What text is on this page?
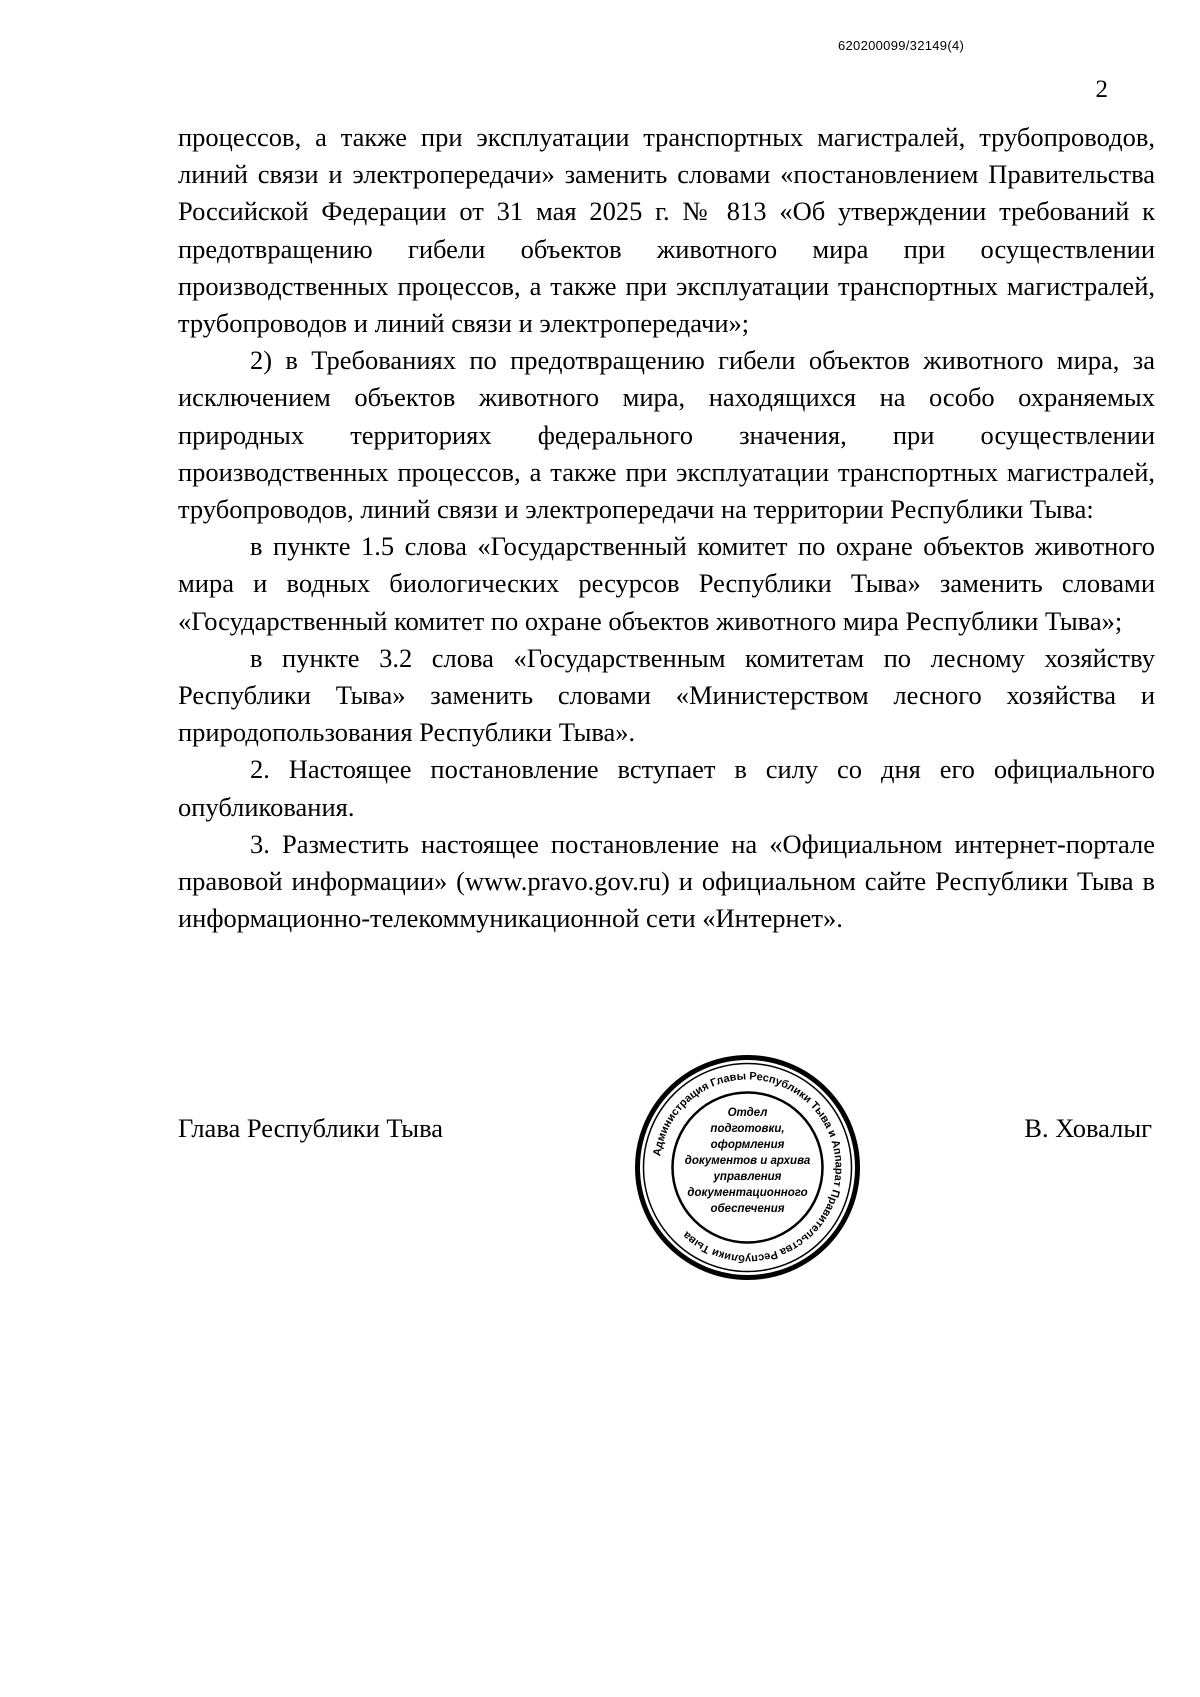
620200099/32149(4)
2

процессов, а также при эксплуатации транспортных магистралей, трубопроводов, линий связи и электропередачи» заменить словами «постановлением Правительства Российской Федерации от 31 мая 2025 г. № 813 «Об утверждении требований к предотвращению гибели объектов животного мира при осуществлении производственных процессов, а также при эксплуатации транспортных магистралей, трубопроводов и линий связи и электропередачи»;

2) в Требованиях по предотвращению гибели объектов животного мира, за исключением объектов животного мира, находящихся на особо охраняемых природных территориях федерального значения, при осуществлении производственных процессов, а также при эксплуатации транспортных магистралей, трубопроводов, линий связи и электропередачи на территории Республики Тыва:

в пункте 1.5 слова «Государственный комитет по охране объектов животного мира и водных биологических ресурсов Республики Тыва» заменить словами «Государственный комитет по охране объектов животного мира Республики Тыва»;

в пункте 3.2 слова «Государственным комитетам по лесному хозяйству Республики Тыва» заменить словами «Министерством лесного хозяйства и природопользования Республики Тыва».

2. Настоящее постановление вступает в силу со дня его официального опубликования.

3. Разместить настоящее постановление на «Официальном интернет-портале правовой информации» (www.pravo.gov.ru) и официальном сайте Республики Тыва в информационно-телекоммуникационной сети «Интернет».

Глава Республики Тыва	В. Ховалыг
Администрация Главы Республики Тыва и Аппарат Правительства Республики Тыва
Отдел
подготовки,
оформления
документов и архива
управления
документационного
обеспечения
